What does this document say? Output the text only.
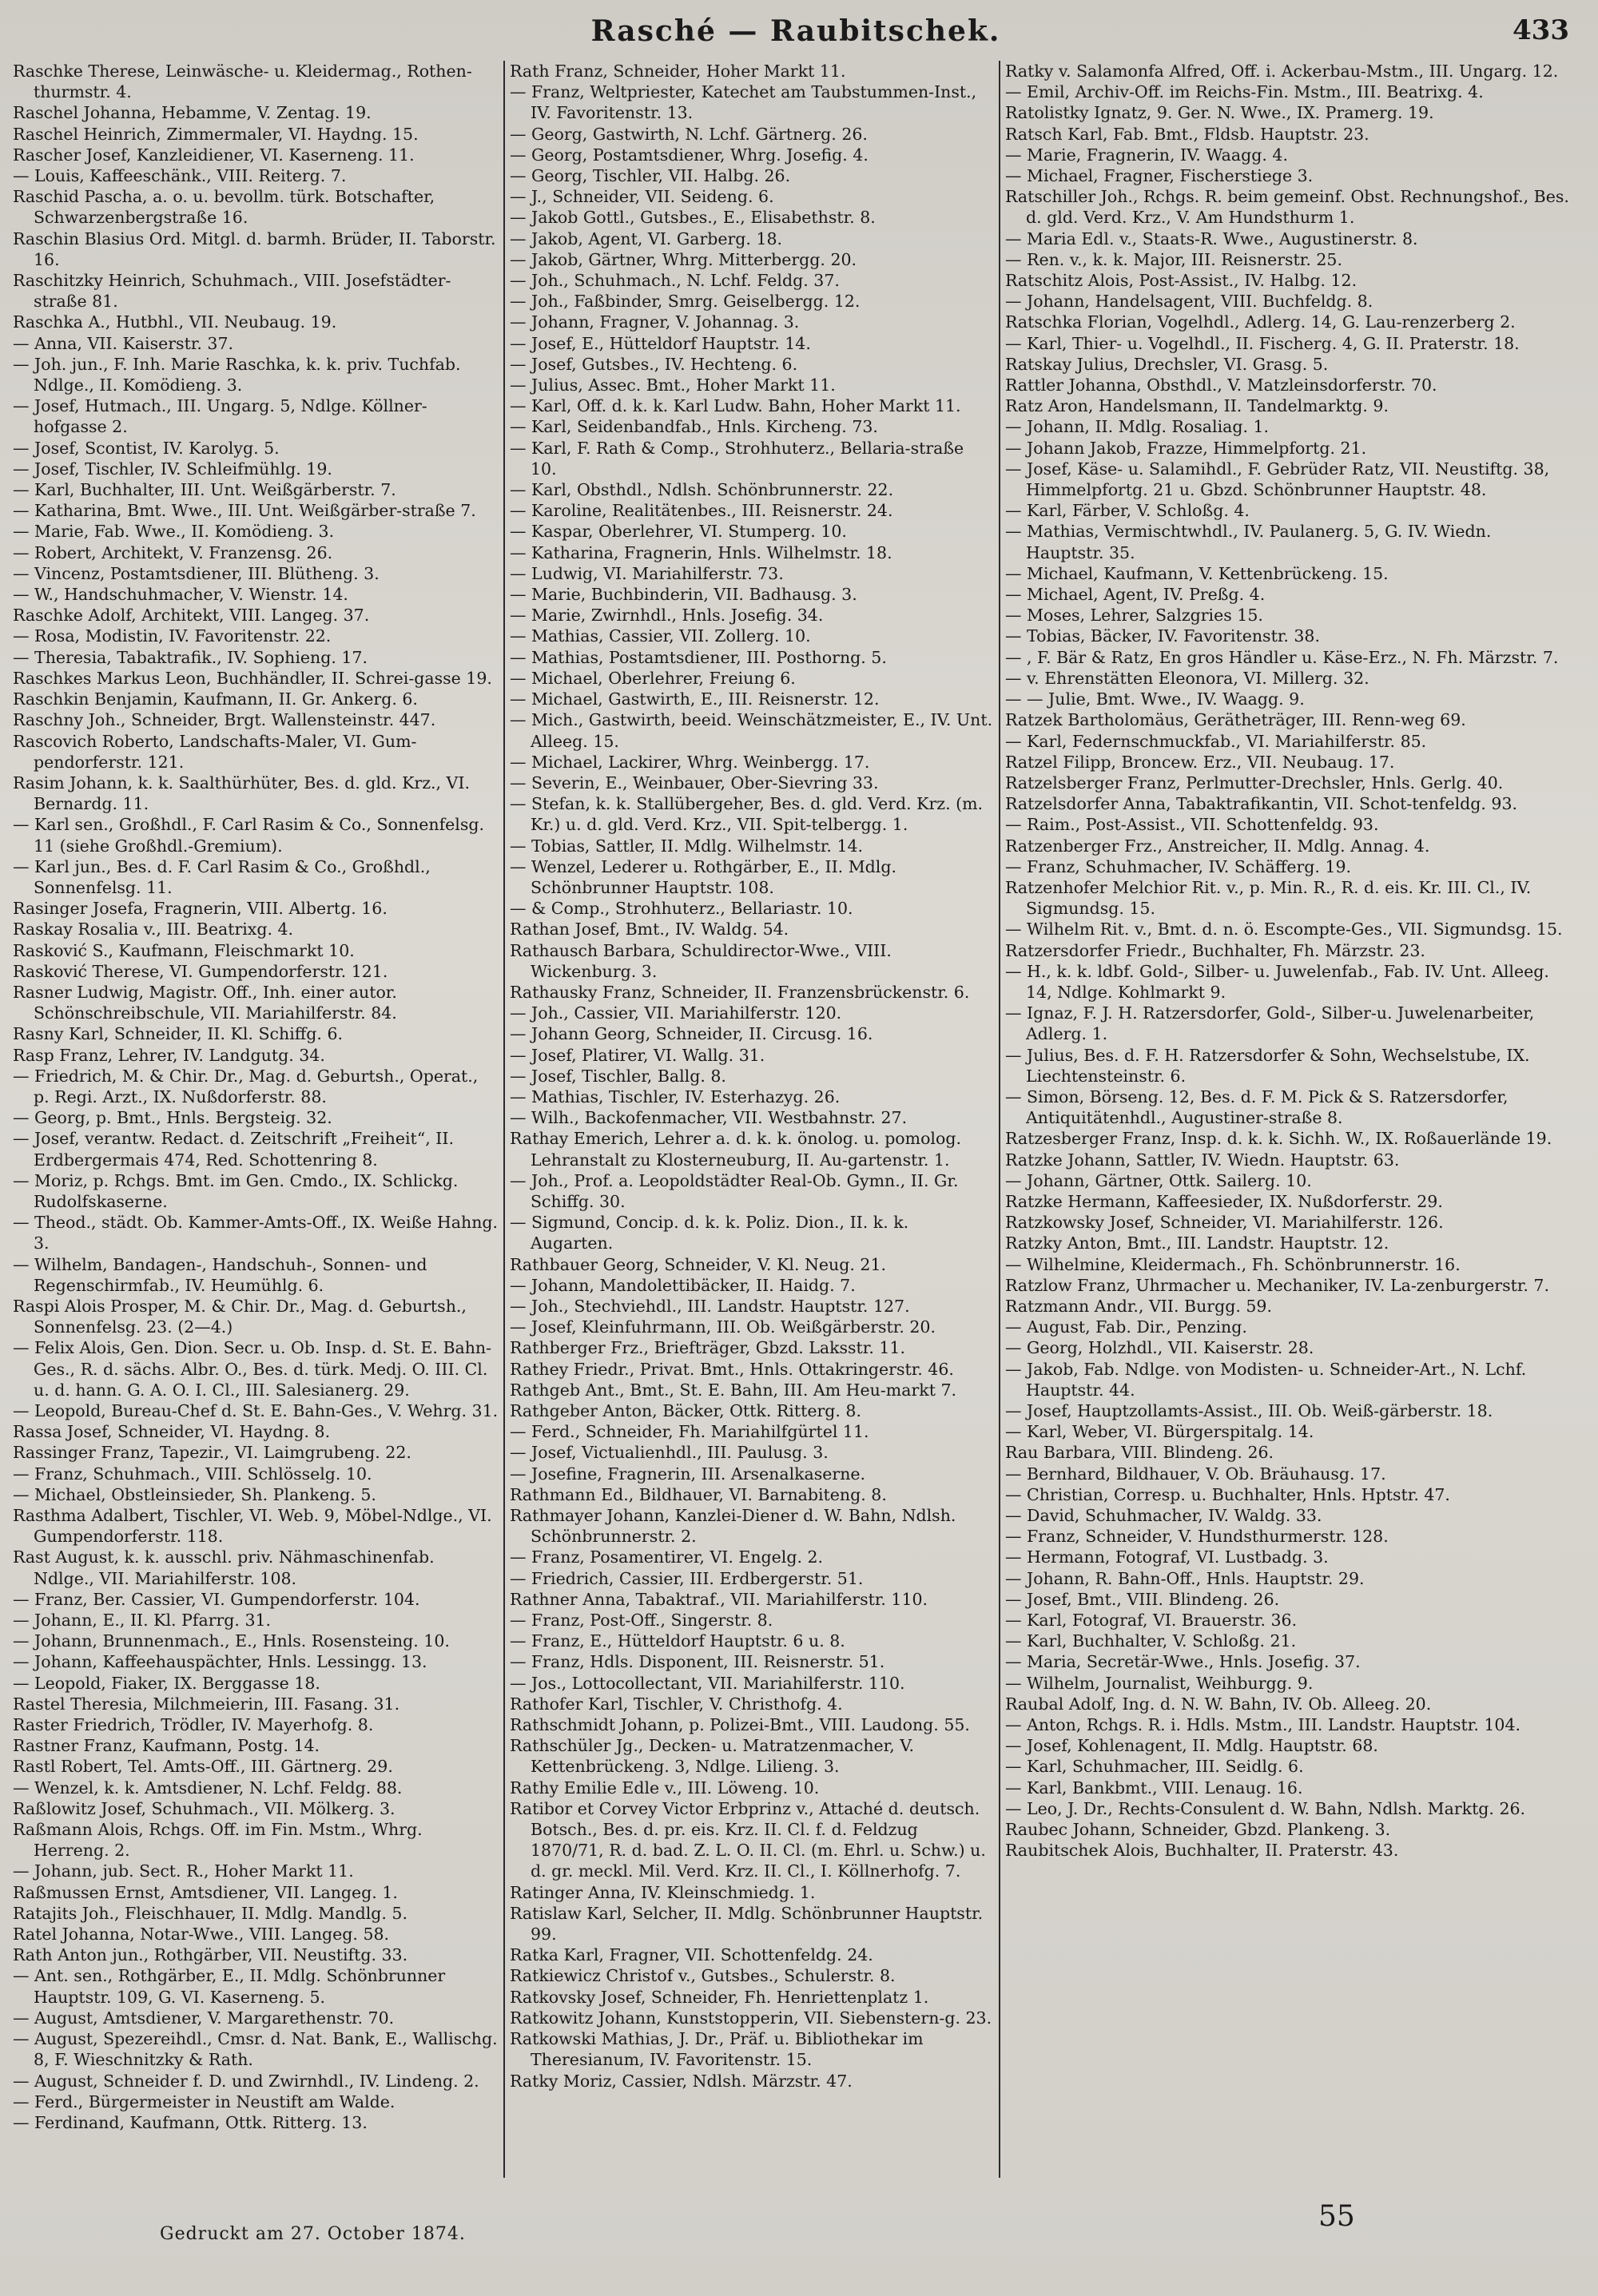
Rasché — Raubitschek.	433
Raschke Therese, Leinwäsche- u. Kleidermag., Rothen-thurmstr. 4.
Raschel Johanna, Hebamme, V. Zentag. 19.
Raschel Heinrich, Zimmermaler, VI. Haydng. 15.
Rascher Josef, Kanzleidiener, VI. Kaserneng. 11.
— Louis, Kaffeeschänk., VIII. Reiterg. 7.
Raschid Pascha, a. o. u. bevollm. türk. Botschafter, Schwarzenbergstraße 16.
Raschin Blasius Ord. Mitgl. d. barmh. Brüder, II. Taborstr. 16.
Raschitzky Heinrich, Schuhmach., VIII. Josefstädter-straße 81.
Raschka A., Hutbhl., VII. Neubaug. 19.
— Anna, VII. Kaiserstr. 37.
— Joh. jun., F. Inh. Marie Raschka, k. k. priv. Tuchfab. Ndlge., II. Komödieng. 3.
— Josef, Hutmach., III. Ungarg. 5, Ndlge. Köllner-hofgasse 2.
— Josef, Scontist, IV. Karolyg. 5.
— Josef, Tischler, IV. Schleifmühlg. 19.
— Karl, Buchhalter, III. Unt. Weißgärberstr. 7.
— Katharina, Bmt. Wwe., III. Unt. Weißgärber-straße 7.
— Marie, Fab. Wwe., II. Komödieng. 3.
— Robert, Architekt, V. Franzensg. 26.
— Vincenz, Postamtsdiener, III. Blütheng. 3.
— W., Handschuhmacher, V. Wienstr. 14.
Raschke Adolf, Architekt, VIII. Langeg. 37.
— Rosa, Modistin, IV. Favoritenstr. 22.
— Theresia, Tabaktrafik., IV. Sophieng. 17.
Raschkes Markus Leon, Buchhändler, II. Schrei-gasse 19.
Raschkin Benjamin, Kaufmann, II. Gr. Ankerg. 6.
Raschny Joh., Schneider, Brgt. Wallensteinstr. 447.
Rascovich Roberto, Landschafts-Maler, VI. Gum-pendorferstr. 121.
Rasim Johann, k. k. Saalthürhüter, Bes. d. gld. Krz., VI. Bernardg. 11.
— Karl sen., Großhdl., F. Carl Rasim & Co., Sonnenfelsg. 11 (siehe Großhdl.-Gremium).
— Karl jun., Bes. d. F. Carl Rasim & Co., Großhdl., Sonnenfelsg. 11.
Rasinger Josefa, Fragnerin, VIII. Albertg. 16.
Raskay Rosalia v., III. Beatrixg. 4.
Rasković S., Kaufmann, Fleischmarkt 10.
Rasković Therese, VI. Gumpendorferstr. 121.
Rasner Ludwig, Magistr. Off., Inh. einer autor. Schönschreibschule, VII. Mariahilferstr. 84.
Rasny Karl, Schneider, II. Kl. Schiffg. 6.
Rasp Franz, Lehrer, IV. Landgutg. 34.
— Friedrich, M. & Chir. Dr., Mag. d. Geburtsh., Operat., p. Regi. Arzt., IX. Nußdorferstr. 88.
— Georg, p. Bmt., Hnls. Bergsteig. 32.
— Josef, verantw. Redact. d. Zeitschrift „Freiheit“, II. Erdbergermais 474, Red. Schottenring 8.
— Moriz, p. Rchgs. Bmt. im Gen. Cmdo., IX. Schlickg. Rudolfskaserne.
— Theod., städt. Ob. Kammer-Amts-Off., IX. Weiße Hahng. 3.
— Wilhelm, Bandagen-, Handschuh-, Sonnen- und Regenschirmfab., IV. Heumühlg. 6.
Raspi Alois Prosper, M. & Chir. Dr., Mag. d. Geburtsh., Sonnenfelsg. 23. (2—4.)
— Felix Alois, Gen. Dion. Secr. u. Ob. Insp. d. St. E. Bahn-Ges., R. d. sächs. Albr. O., Bes. d. türk. Medj. O. III. Cl. u. d. hann. G. A. O. I. Cl., III. Salesianerg. 29.
— Leopold, Bureau-Chef d. St. E. Bahn-Ges., V. Wehrg. 31.
Rassa Josef, Schneider, VI. Haydng. 8.
Rassinger Franz, Tapezir., VI. Laimgrubeng. 22.
— Franz, Schuhmach., VIII. Schlösselg. 10.
— Michael, Obstleinsieder, Sh. Plankeng. 5.
Rasthma Adalbert, Tischler, VI. Web. 9, Möbel-Ndlge., VI. Gumpendorferstr. 118.
Rast August, k. k. ausschl. priv. Nähmaschinenfab. Ndlge., VII. Mariahilferstr. 108.
— Franz, Ber. Cassier, VI. Gumpendorferstr. 104.
— Johann, E., II. Kl. Pfarrg. 31.
— Johann, Brunnenmach., E., Hnls. Rosensteing. 10.
— Johann, Kaffeehauspächter, Hnls. Lessingg. 13.
— Leopold, Fiaker, IX. Berggasse 18.
Rastel Theresia, Milchmeierin, III. Fasang. 31.
Raster Friedrich, Trödler, IV. Mayerhofg. 8.
Rastner Franz, Kaufmann, Postg. 14.
Rastl Robert, Tel. Amts-Off., III. Gärtnerg. 29.
— Wenzel, k. k. Amtsdiener, N. Lchf. Feldg. 88.
Raßlowitz Josef, Schuhmach., VII. Mölkerg. 3.
Raßmann Alois, Rchgs. Off. im Fin. Mstm., Whrg. Herreng. 2.
— Johann, jub. Sect. R., Hoher Markt 11.
Raßmussen Ernst, Amtsdiener, VII. Langeg. 1.
Ratajits Joh., Fleischhauer, II. Mdlg. Mandlg. 5.
Ratel Johanna, Notar-Wwe., VIII. Langeg. 58.
Rath Anton jun., Rothgärber, VII. Neustiftg. 33.
— Ant. sen., Rothgärber, E., II. Mdlg. Schönbrunner Hauptstr. 109, G. VI. Kaserneng. 5.
— August, Amtsdiener, V. Margarethenstr. 70.
— August, Spezereihdl., Cmsr. d. Nat. Bank, E., Wallischg. 8, F. Wieschnitzky & Rath.
— August, Schneider f. D. und Zwirnhdl., IV. Lindeng. 2.
— Ferd., Bürgermeister in Neustift am Walde.
— Ferdinand, Kaufmann, Ottk. Ritterg. 13.
Rath Franz, Schneider, Hoher Markt 11.
— Franz, Weltpriester, Katechet am Taubstummen-Inst., IV. Favoritenstr. 13.
— Georg, Gastwirth, N. Lchf. Gärtnerg. 26.
— Georg, Postamtsdiener, Whrg. Josefig. 4.
— Georg, Tischler, VII. Halbg. 26.
— J., Schneider, VII. Seideng. 6.
— Jakob Gottl., Gutsbes., E., Elisabethstr. 8.
— Jakob, Agent, VI. Garberg. 18.
— Jakob, Gärtner, Whrg. Mitterbergg. 20.
— Joh., Schuhmach., N. Lchf. Feldg. 37.
— Joh., Faßbinder, Smrg. Geiselbergg. 12.
— Johann, Fragner, V. Johannag. 3.
— Josef, E., Hütteldorf Hauptstr. 14.
— Josef, Gutsbes., IV. Hechteng. 6.
— Julius, Assec. Bmt., Hoher Markt 11.
— Karl, Off. d. k. k. Karl Ludw. Bahn, Hoher Markt 11.
— Karl, Seidenbandfab., Hnls. Kircheng. 73.
— Karl, F. Rath & Comp., Strohhuterz., Bellaria-straße 10.
— Karl, Obsthdl., Ndlsh. Schönbrunnerstr. 22.
— Karoline, Realitätenbes., III. Reisnerstr. 24.
— Kaspar, Oberlehrer, VI. Stumperg. 10.
— Katharina, Fragnerin, Hnls. Wilhelmstr. 18.
— Ludwig, VI. Mariahilferstr. 73.
— Marie, Buchbinderin, VII. Badhausg. 3.
— Marie, Zwirnhdl., Hnls. Josefig. 34.
— Mathias, Cassier, VII. Zollerg. 10.
— Mathias, Postamtsdiener, III. Posthorng. 5.
— Michael, Oberlehrer, Freiung 6.
— Michael, Gastwirth, E., III. Reisnerstr. 12.
— Mich., Gastwirth, beeid. Weinschätzmeister, E., IV. Unt. Alleeg. 15.
— Michael, Lackirer, Whrg. Weinbergg. 17.
— Severin, E., Weinbauer, Ober-Sievring 33.
— Stefan, k. k. Stallübergeher, Bes. d. gld. Verd. Krz. (m. Kr.) u. d. gld. Verd. Krz., VII. Spit-telbergg. 1.
— Tobias, Sattler, II. Mdlg. Wilhelmstr. 14.
— Wenzel, Lederer u. Rothgärber, E., II. Mdlg. Schönbrunner Hauptstr. 108.
— & Comp., Strohhuterz., Bellariastr. 10.
Rathan Josef, Bmt., IV. Waldg. 54.
Rathausch Barbara, Schuldirector-Wwe., VIII. Wickenburg. 3.
Rathausky Franz, Schneider, II. Franzensbrückenstr. 6.
— Joh., Cassier, VII. Mariahilferstr. 120.
— Johann Georg, Schneider, II. Circusg. 16.
— Josef, Platirer, VI. Wallg. 31.
— Josef, Tischler, Ballg. 8.
— Mathias, Tischler, IV. Esterhazyg. 26.
— Wilh., Backofenmacher, VII. Westbahnstr. 27.
Rathay Emerich, Lehrer a. d. k. k. önolog. u. pomolog. Lehranstalt zu Klosterneuburg, II. Au-gartenstr. 1.
— Joh., Prof. a. Leopoldstädter Real-Ob. Gymn., II. Gr. Schiffg. 30.
— Sigmund, Concip. d. k. k. Poliz. Dion., II. k. k. Augarten.
Rathbauer Georg, Schneider, V. Kl. Neug. 21.
— Johann, Mandolettibäcker, II. Haidg. 7.
— Joh., Stechviehdl., III. Landstr. Hauptstr. 127.
— Josef, Kleinfuhrmann, III. Ob. Weißgärberstr. 20.
Rathberger Frz., Briefträger, Gbzd. Laksstr. 11.
Rathey Friedr., Privat. Bmt., Hnls. Ottakringerstr. 46.
Rathgeb Ant., Bmt., St. E. Bahn, III. Am Heu-markt 7.
Rathgeber Anton, Bäcker, Ottk. Ritterg. 8.
— Ferd., Schneider, Fh. Mariahilfgürtel 11.
— Josef, Victualienhdl., III. Paulusg. 3.
— Josefine, Fragnerin, III. Arsenalkaserne.
Rathmann Ed., Bildhauer, VI. Barnabiteng. 8.
Rathmayer Johann, Kanzlei-Diener d. W. Bahn, Ndlsh. Schönbrunnerstr. 2.
— Franz, Posamentirer, VI. Engelg. 2.
— Friedrich, Cassier, III. Erdbergerstr. 51.
Rathner Anna, Tabaktraf., VII. Mariahilferstr. 110.
— Franz, Post-Off., Singerstr. 8.
— Franz, E., Hütteldorf Hauptstr. 6 u. 8.
— Franz, Hdls. Disponent, III. Reisnerstr. 51.
— Jos., Lottocollectant, VII. Mariahilferstr. 110.
Rathofer Karl, Tischler, V. Christhofg. 4.
Rathschmidt Johann, p. Polizei-Bmt., VIII. Laudong. 55.
Rathschüler Jg., Decken- u. Matratzenmacher, V. Kettenbrückeng. 3, Ndlge. Lilieng. 3.
Rathy Emilie Edle v., III. Löweng. 10.
Ratibor et Corvey Victor Erbprinz v., Attaché d. deutsch. Botsch., Bes. d. pr. eis. Krz. II. Cl. f. d. Feldzug 1870/71, R. d. bad. Z. L. O. II. Cl. (m. Ehrl. u. Schw.) u. d. gr. meckl. Mil. Verd. Krz. II. Cl., I. Köllnerhofg. 7.
Ratinger Anna, IV. Kleinschmiedg. 1.
Ratislaw Karl, Selcher, II. Mdlg. Schönbrunner Hauptstr. 99.
Ratka Karl, Fragner, VII. Schottenfeldg. 24.
Ratkiewicz Christof v., Gutsbes., Schulerstr. 8.
Ratkovsky Josef, Schneider, Fh. Henriettenplatz 1.
Ratkowitz Johann, Kunststopperin, VII. Siebenstern-g. 23.
Ratkowski Mathias, J. Dr., Präf. u. Bibliothekar im Theresianum, IV. Favoritenstr. 15.
Ratky Moriz, Cassier, Ndlsh. Märzstr. 47.
Ratky v. Salamonfa Alfred, Off. i. Ackerbau-Mstm., III. Ungarg. 12.
— Emil, Archiv-Off. im Reichs-Fin. Mstm., III. Beatrixg. 4.
Ratolistky Ignatz, 9. Ger. N. Wwe., IX. Pramerg. 19.
Ratsch Karl, Fab. Bmt., Fldsb. Hauptstr. 23.
— Marie, Fragnerin, IV. Waagg. 4.
— Michael, Fragner, Fischerstiege 3.
Ratschiller Joh., Rchgs. R. beim gemeinf. Obst. Rechnungshof., Bes. d. gld. Verd. Krz., V. Am Hundsthurm 1.
— Maria Edl. v., Staats-R. Wwe., Augustinerstr. 8.
— Ren. v., k. k. Major, III. Reisnerstr. 25.
Ratschitz Alois, Post-Assist., IV. Halbg. 12.
— Johann, Handelsagent, VIII. Buchfeldg. 8.
Ratschka Florian, Vogelhdl., Adlerg. 14, G. Lau-renzerberg 2.
— Karl, Thier- u. Vogelhdl., II. Fischerg. 4, G. II. Praterstr. 18.
Ratskay Julius, Drechsler, VI. Grasg. 5.
Rattler Johanna, Obsthdl., V. Matzleinsdorferstr. 70.
Ratz Aron, Handelsmann, II. Tandelmarktg. 9.
— Johann, II. Mdlg. Rosaliag. 1.
— Johann Jakob, Frazze, Himmelpfortg. 21.
— Josef, Käse- u. Salamihdl., F. Gebrüder Ratz, VII. Neustiftg. 38, Himmelpfortg. 21 u. Gbzd. Schönbrunner Hauptstr. 48.
— Karl, Färber, V. Schloßg. 4.
— Mathias, Vermischtwhdl., IV. Paulanerg. 5, G. IV. Wiedn. Hauptstr. 35.
— Michael, Kaufmann, V. Kettenbrückeng. 15.
— Michael, Agent, IV. Preßg. 4.
— Moses, Lehrer, Salzgries 15.
— Tobias, Bäcker, IV. Favoritenstr. 38.
— , F. Bär & Ratz, En gros Händler u. Käse-Erz., N. Fh. Märzstr. 7.
— v. Ehrenstätten Eleonora, VI. Millerg. 32.
— — Julie, Bmt. Wwe., IV. Waagg. 9.
Ratzek Bartholomäus, Gerätheträger, III. Renn-weg 69.
— Karl, Federnschmuckfab., VI. Mariahilferstr. 85.
Ratzel Filipp, Broncew. Erz., VII. Neubaug. 17.
Ratzelsberger Franz, Perlmutter-Drechsler, Hnls. Gerlg. 40.
Ratzelsdorfer Anna, Tabaktrafikantin, VII. Schot-tenfeldg. 93.
— Raim., Post-Assist., VII. Schottenfeldg. 93.
Ratzenberger Frz., Anstreicher, II. Mdlg. Annag. 4.
— Franz, Schuhmacher, IV. Schäfferg. 19.
Ratzenhofer Melchior Rit. v., p. Min. R., R. d. eis. Kr. III. Cl., IV. Sigmundsg. 15.
— Wilhelm Rit. v., Bmt. d. n. ö. Escompte-Ges., VII. Sigmundsg. 15.
Ratzersdorfer Friedr., Buchhalter, Fh. Märzstr. 23.
— H., k. k. ldbf. Gold-, Silber- u. Juwelenfab., Fab. IV. Unt. Alleeg. 14, Ndlge. Kohlmarkt 9.
— Ignaz, F. J. H. Ratzersdorfer, Gold-, Silber-u. Juwelenarbeiter, Adlerg. 1.
— Julius, Bes. d. F. H. Ratzersdorfer & Sohn, Wechselstube, IX. Liechtensteinstr. 6.
— Simon, Börseng. 12, Bes. d. F. M. Pick & S. Ratzersdorfer, Antiquitätenhdl., Augustiner-straße 8.
Ratzesberger Franz, Insp. d. k. k. Sichh. W., IX. Roßauerlände 19.
Ratzke Johann, Sattler, IV. Wiedn. Hauptstr. 63.
— Johann, Gärtner, Ottk. Sailerg. 10.
Ratzke Hermann, Kaffeesieder, IX. Nußdorferstr. 29.
Ratzkowsky Josef, Schneider, VI. Mariahilferstr. 126.
Ratzky Anton, Bmt., III. Landstr. Hauptstr. 12.
— Wilhelmine, Kleidermach., Fh. Schönbrunnerstr. 16.
Ratzlow Franz, Uhrmacher u. Mechaniker, IV. La-zenburgerstr. 7.
Ratzmann Andr., VII. Burgg. 59.
— August, Fab. Dir., Penzing.
— Georg, Holzhdl., VII. Kaiserstr. 28.
— Jakob, Fab. Ndlge. von Modisten- u. Schneider-Art., N. Lchf. Hauptstr. 44.
— Josef, Hauptzollamts-Assist., III. Ob. Weiß-gärberstr. 18.
— Karl, Weber, VI. Bürgerspitalg. 14.
Rau Barbara, VIII. Blindeng. 26.
— Bernhard, Bildhauer, V. Ob. Bräuhausg. 17.
— Christian, Corresp. u. Buchhalter, Hnls. Hptstr. 47.
— David, Schuhmacher, IV. Waldg. 33.
— Franz, Schneider, V. Hundsthurmerstr. 128.
— Hermann, Fotograf, VI. Lustbadg. 3.
— Johann, R. Bahn-Off., Hnls. Hauptstr. 29.
— Josef, Bmt., VIII. Blindeng. 26.
— Karl, Fotograf, VI. Brauerstr. 36.
— Karl, Buchhalter, V. Schloßg. 21.
— Maria, Secretär-Wwe., Hnls. Josefig. 37.
— Wilhelm, Journalist, Weihburgg. 9.
Raubal Adolf, Ing. d. N. W. Bahn, IV. Ob. Alleeg. 20.
— Anton, Rchgs. R. i. Hdls. Mstm., III. Landstr. Hauptstr. 104.
— Josef, Kohlenagent, II. Mdlg. Hauptstr. 68.
— Karl, Schuhmacher, III. Seidlg. 6.
— Karl, Bankbmt., VIII. Lenaug. 16.
— Leo, J. Dr., Rechts-Consulent d. W. Bahn, Ndlsh. Marktg. 26.
Raubec Johann, Schneider, Gbzd. Plankeng. 3.
Raubitschek Alois, Buchhalter, II. Praterstr. 43.
Gedruckt am 27. October 1874.
55
